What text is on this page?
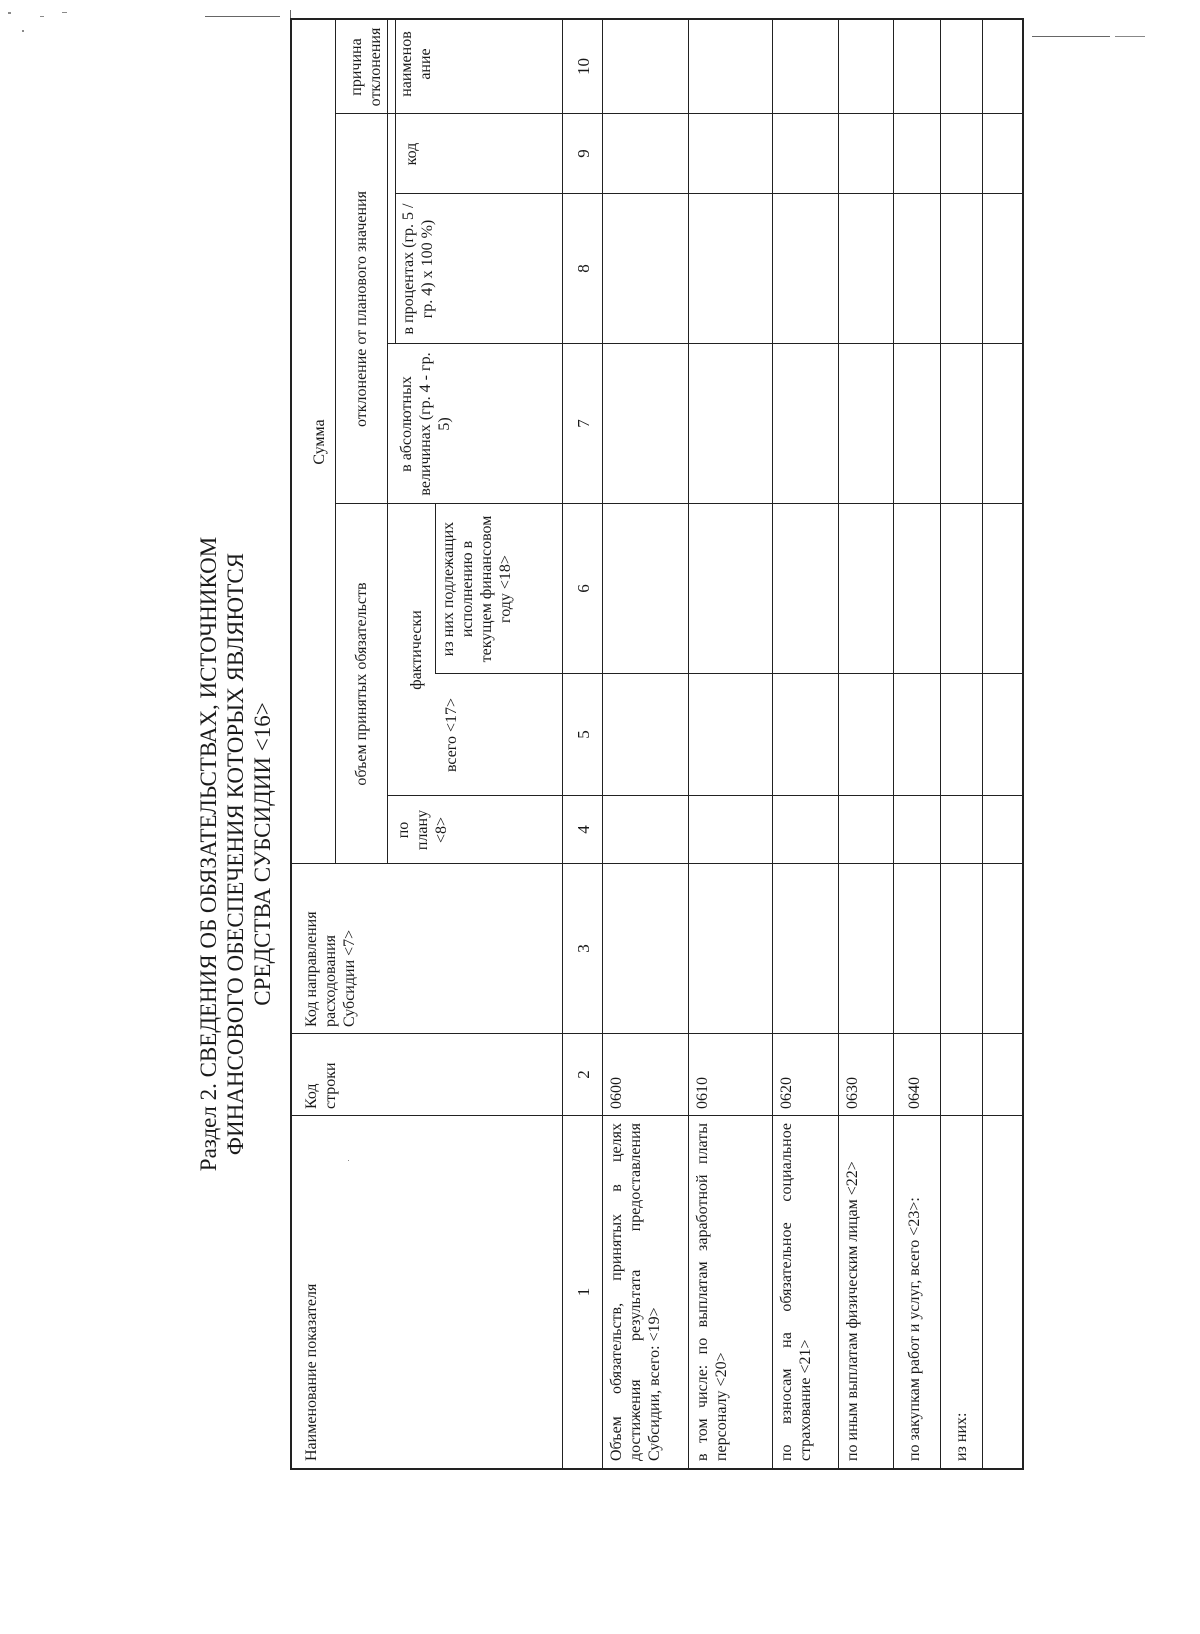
Раздел 2. СВЕДЕНИЯ ОБ ОБЯЗАТЕЛЬСТВАХ, ИСТОЧНИКОМ ФИНАНСОВОГО ОБЕСПЕЧЕНИЯ КОТОРЫХ ЯВЛЯЮТСЯ СРЕДСТВА СУБСИДИИ <16>
Наименование показателя
Код строки
Код направления расходования Субсидии <7>
Сумма
объем принятых обязательств
отклонение от планового значения
причина отклонения
по плану <8>
фактически
всего <17>
из них подлежащих исполнению в текущем финансовом году <18>
в абсолютных величинах (гр. 4 - гр. 5)
в процентах (гр. 5 / гр. 4) x 100 %)
код
наименов ание
1
2
3
4
5
6
7
8
9
10
Объем обязательств, принятых в целях достижения результата предоставления Субсидии, всего: <19>
0600
в том числе: по выплатам заработной платы персоналу <20>
0610
по взносам на обязательное социальное страхование <21>
0620
по иным выплатам физическим лицам <22>
0630
по закупкам работ и услуг, всего <23>:
0640
из них:
